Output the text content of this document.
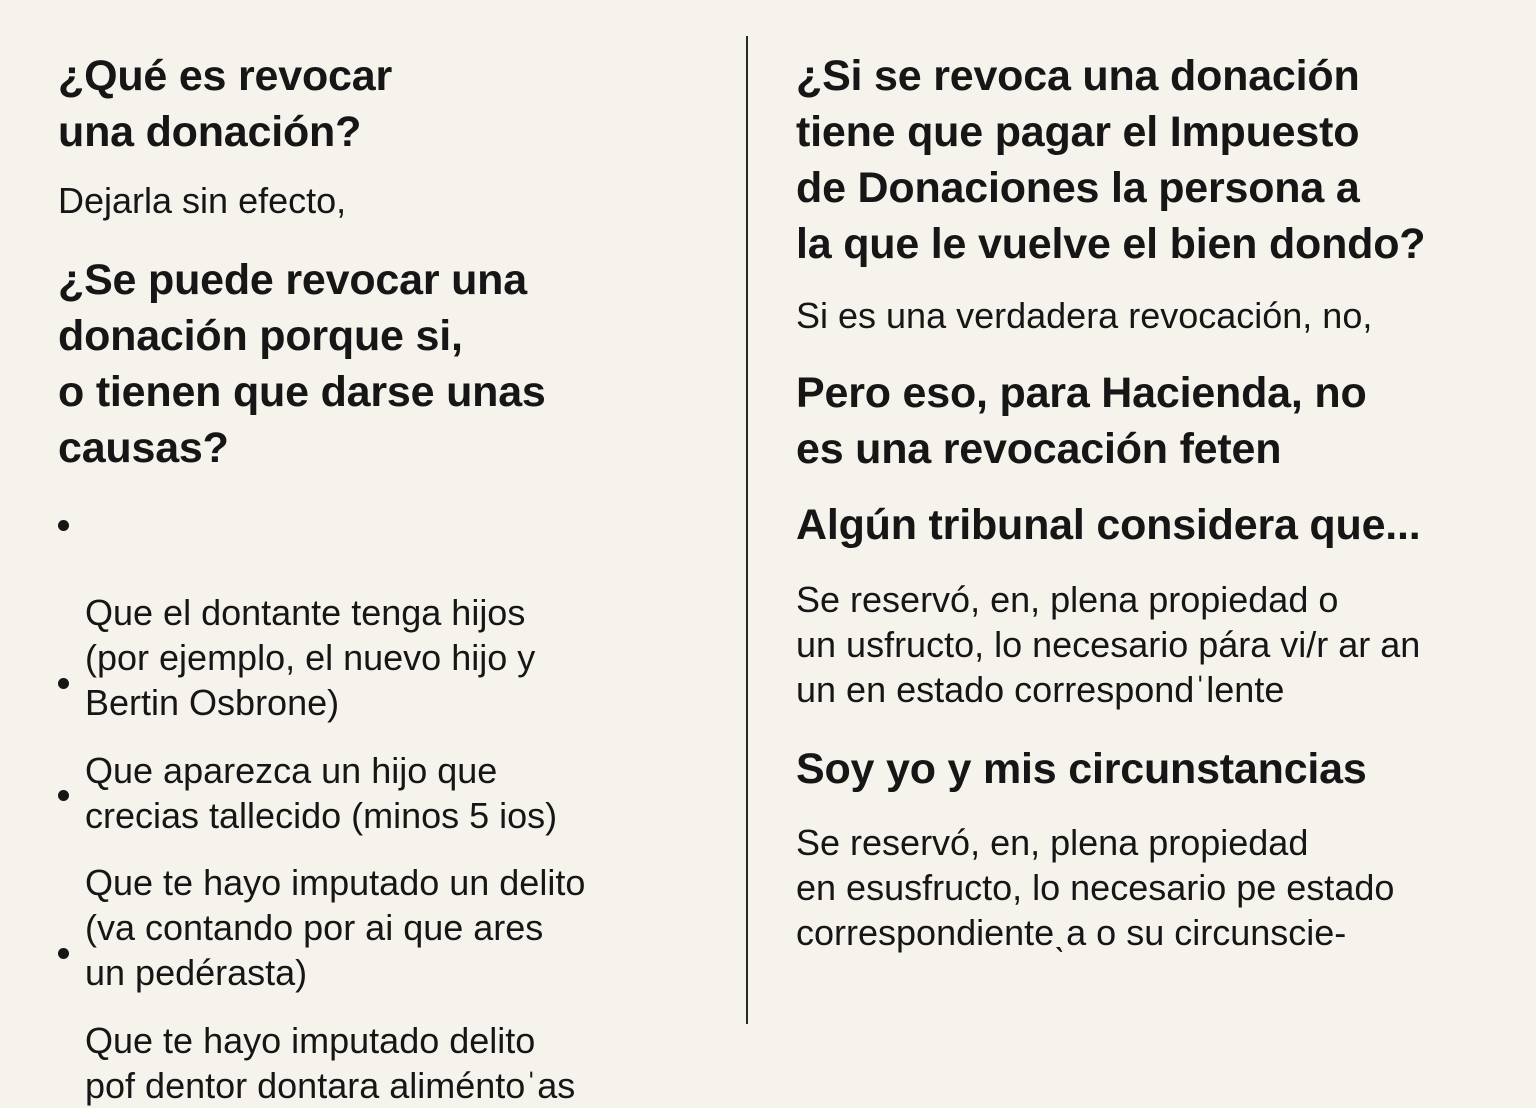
¿Qué es revocar
una donación?

Dejarla sin efecto,

¿Se puede revocar una
donación porque si,
o tienen que darse unas
causas?

Que el dontante tenga hijos
(por ejemplo, el nuevo hijo y
Bertin Osbrone)

Que aparezca un hijo que
crecias tallecido (minos 5 ios)

Que te hayo imputado un delito
(va contando por ai que ares
un pedérasta)

Que te hayo imputado delito
pof dentor dontara aliméntoˈas

¿Si se revoca una donación
tiene que pagar el Impuesto
de Donaciones la persona a
la que le vuelve el bien dondo?

Si es una verdadera revocación, no,

Pero eso, para Hacienda, no
es una revocación feten
Algún tribunal considera que...

Se reservó, en, plena propiedad o
un usfructo, lo necesario pára vi/r ar an
un en estado correspondˈlente

Soy yo y mis circunstancias

Se reservó, en, plena propiedad
en esusfructo, lo necesario pe estado
correspondienteˎa o su circunscie-
